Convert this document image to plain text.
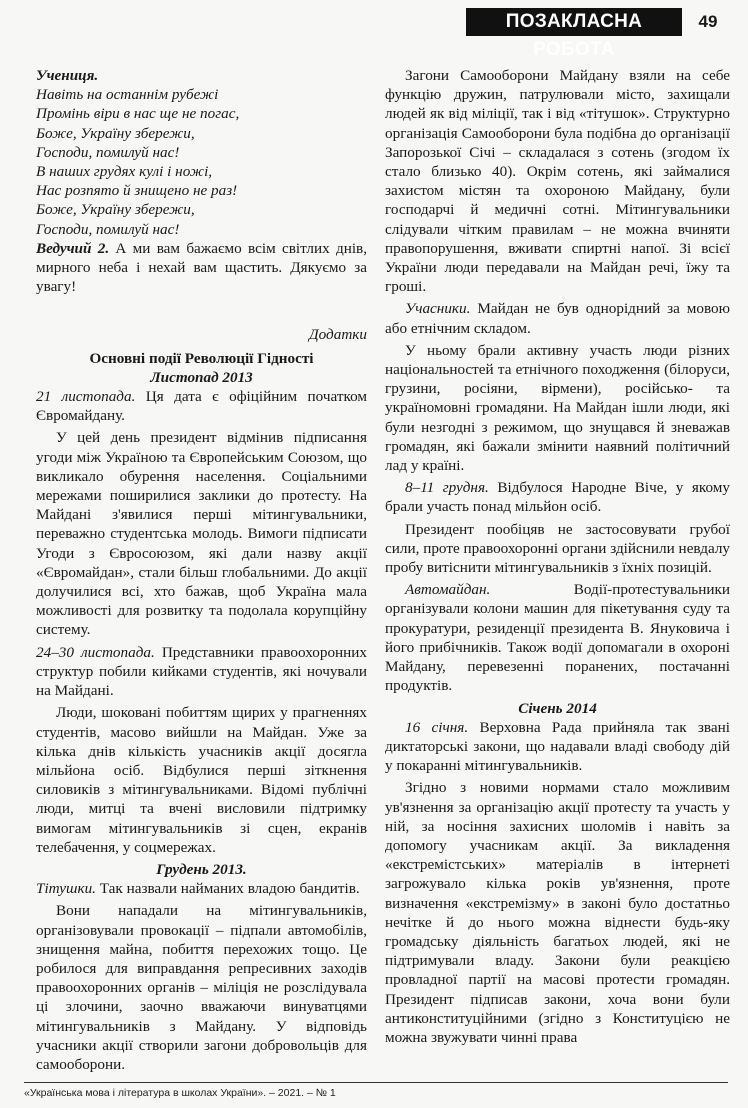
ПОЗАКЛАСНА РОБОТА
49

Учениця.

Навіть на останнім рубежі

Промінь віри в нас ще не погас,

Боже, Україну збережи,

Господи, помилуй нас!

В наших грудях кулі і ножі,

Нас розпято й знищено не раз!

Боже, Україну збережи,

Господи, помилуй нас!

Ведучий 2. А ми вам бажаємо всім світлих днів, мирного неба і нехай вам щастить. Дякуємо за увагу!

Додатки

Основні події Революції Гідності

Листопад 2013

21 листопада. Ця дата є офіційним початком Євромайдану.

У цей день президент відмінив підписання угоди між Україною та Європейським Союзом, що викликало обурення населення. Соціальними мережами поширилися заклики до протесту. На Майдані з'явилися перші мітингувальники, переважно студентська молодь. Вимоги підписати Угоди з Євросоюзом, які дали назву акції «Євромайдан», стали більш глобальними. До акції долучилися всі, хто бажав, щоб Україна мала можливості для розвитку та подолала корупційну систему.

24–30 листопада. Представники правоохоронних структур побили кийками студентів, які ночували на Майдані.

Люди, шоковані побиттям щирих у прагненнях студентів, масово вийшли на Майдан. Уже за кілька днів кількість учасників акції досягла мільйона осіб. Відбулися перші зіткнення силовиків з мітингувальниками. Відомі публічні люди, митці та вчені висловили підтримку вимогам мітингувальників зі сцен, екранів телебачення, у соцмережах.

Грудень 2013.

Тітушки. Так назвали найманих владою бандитів.

Вони нападали на мітингувальників, організовували провокації – підпали автомобілів, знищення майна, побиття перехожих тощо. Це робилося для виправдання репресивних заходів правоохоронних органів – міліція не розслідувала ці злочини, заочно вважаючи винуватцями мітингувальників з Майдану. У відповідь учасники акції створили загони добровольців для самооборони.

Загони Самооборони Майдану взяли на себе функцію дружин, патрулювали місто, захищали людей як від міліції, так і від «тітушок». Структурно організація Самооборони була подібна до організації Запорозької Січі – складалася з сотень (згодом їх стало близько 40). Окрім сотень, які займалися захистом містян та охороною Майдану, були господарчі й медичні сотні. Мітингувальники слідували чітким правилам – не можна вчиняти правопорушення, вживати спиртні напої. Зі всієї України люди передавали на Майдан речі, їжу та гроші.

Учасники. Майдан не був однорідний за мовою або етнічним складом.

У ньому брали активну участь люди різних національностей та етнічного походження (білоруси, грузини, росіяни, вірмени), російсько- та україномовні громадяни. На Майдан ішли люди, які були незгодні з режимом, що знущався й зневажав громадян, які бажали змінити наявний політичний лад у країні.

8–11 грудня. Відбулося Народне Віче, у якому брали участь понад мільйон осіб.

Президент пообіцяв не застосовувати грубої сили, проте правоохоронні органи здійснили невдалу пробу витіснити мітингувальників з їхніх позицій.

Автомайдан.	Водії-протестувальники організували колони машин для пікетування суду та прокуратури, резиденції президента В. Януковича і його прибічників. Також водії допомагали в охороні Майдану, перевезенні поранених, постачанні продуктів.

Січень 2014

16 січня. Верховна Рада прийняла так звані диктаторські закони, що надавали владі свободу дій у покаранні мітингувальників.

Згідно з новими нормами стало можливим ув'язнення за організацію акції протесту та участь у ній, за носіння захисних шоломів і навіть за допомогу учасникам акції. За викладення «екстремістських» матеріалів в інтернеті загрожувало кілька років ув'язнення, проте визначення «екстремізму» в законі було достатньо нечітке й до нього можна віднести будь-яку громадську діяльність багатьох людей, які не підтримували владу. Закони були реакцією провладної партії на масові протести громадян. Президент підписав закони, хоча вони були антиконституційними (згідно з Конституцією не можна звужувати чинні права

«Українська мова і література в школах України». – 2021. – № 1
